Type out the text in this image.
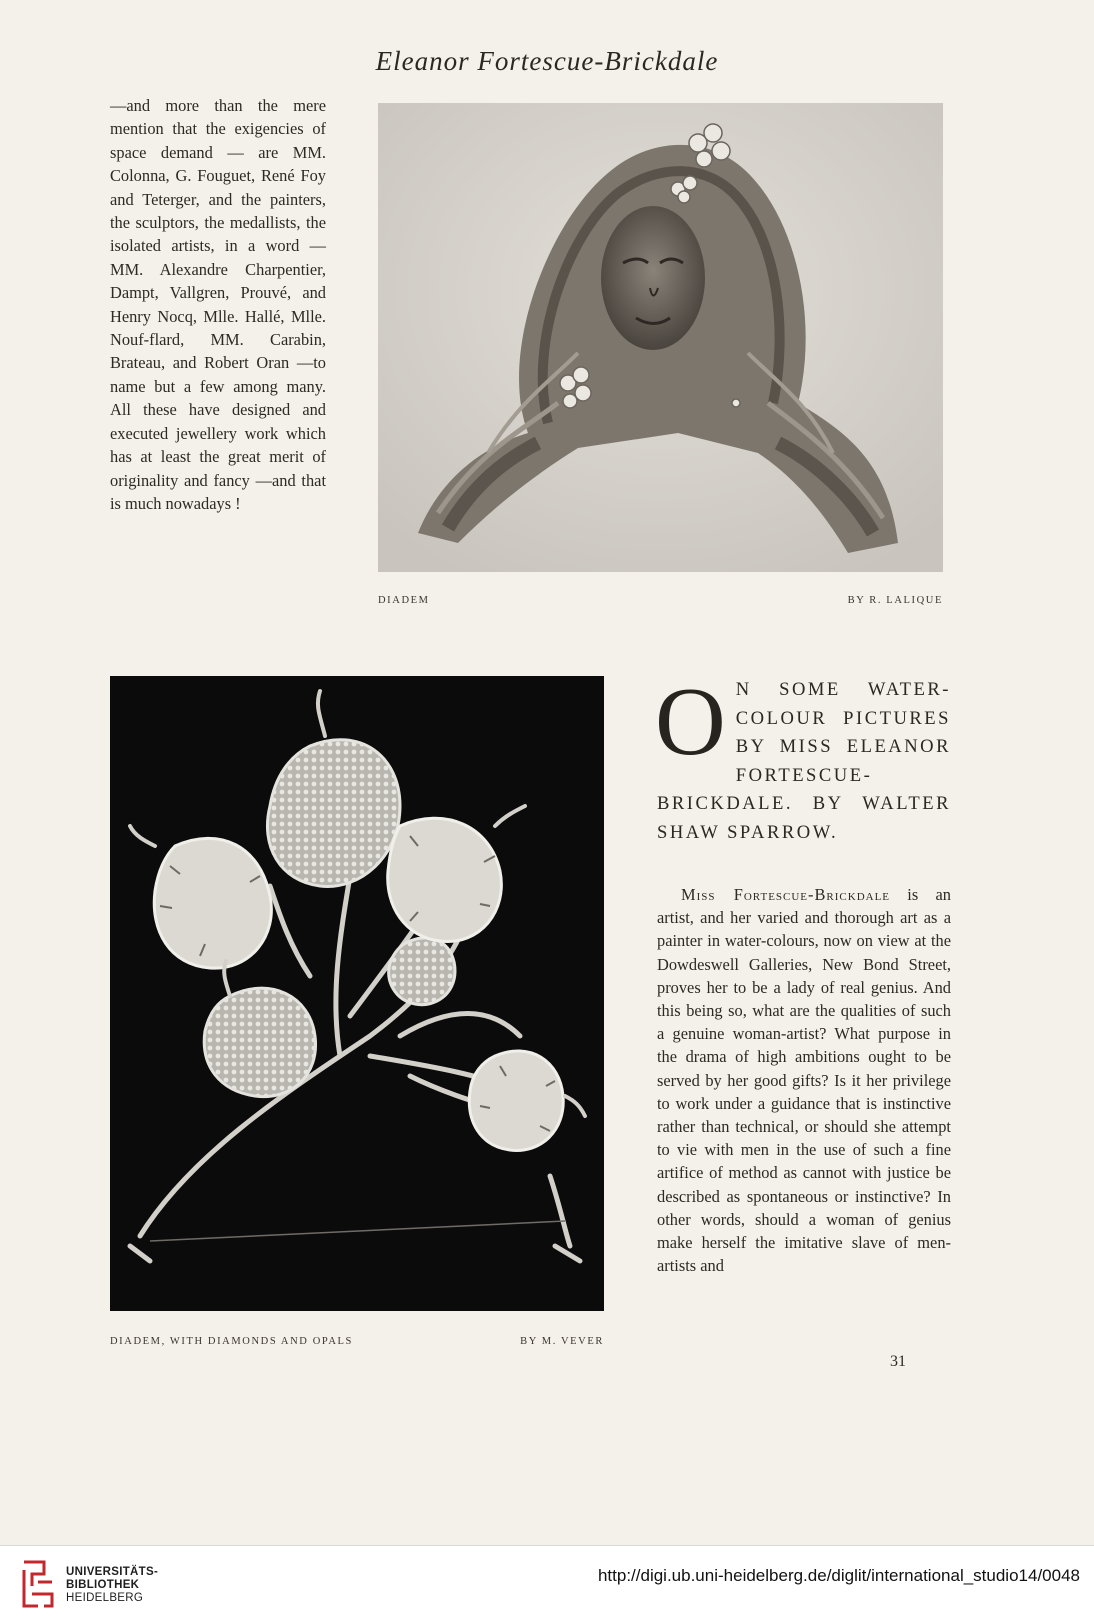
Eleanor Fortescue-Brickdale

—and more than the mere mention that the exigencies of space demand — are MM. Colonna, G. Fouguet, René Foy and Teterger, and the painters, the sculptors, the medallists, the isolated artists, in a word —MM. Alexandre Charpentier, Dampt, Vallgren, Prouvé, and Henry Nocq, Mlle. Hallé, Mlle. Nouf-flard, MM. Carabin, Brateau, and Robert Oran —to name but a few among many. All these have designed and executed jewellery work which has at least the great merit of originality and fancy —and that is much nowadays !

DIADEM	BY R. LALIQUE
DIADEM, WITH DIAMONDS AND OPALS	BY M. VEVER
ON SOME WATER-COLOUR PICTURES BY MISS ELEANOR FORTESCUE-BRICKDALE. BY WALTER SHAW SPARROW.

Miss Fortescue-Brickdale is an artist, and her varied and thorough art as a painter in water-colours, now on view at the Dowdeswell Galleries, New Bond Street, proves her to be a lady of real genius. And this being so, what are the qualities of such a genuine woman-artist? What purpose in the drama of high ambitions ought to be served by her good gifts? Is it her privilege to work under a guidance that is instinctive rather than technical, or should she attempt to vie with men in the use of such a fine artifice of method as cannot with justice be described as spontaneous or instinctive? In other words, should a woman of genius make herself the imitative slave of men-artists and

31
UNIVERSITÄTS-
BIBLIOTHEK
HEIDELBERG
http://digi.ub.uni-heidelberg.de/diglit/international_studio14/0048
